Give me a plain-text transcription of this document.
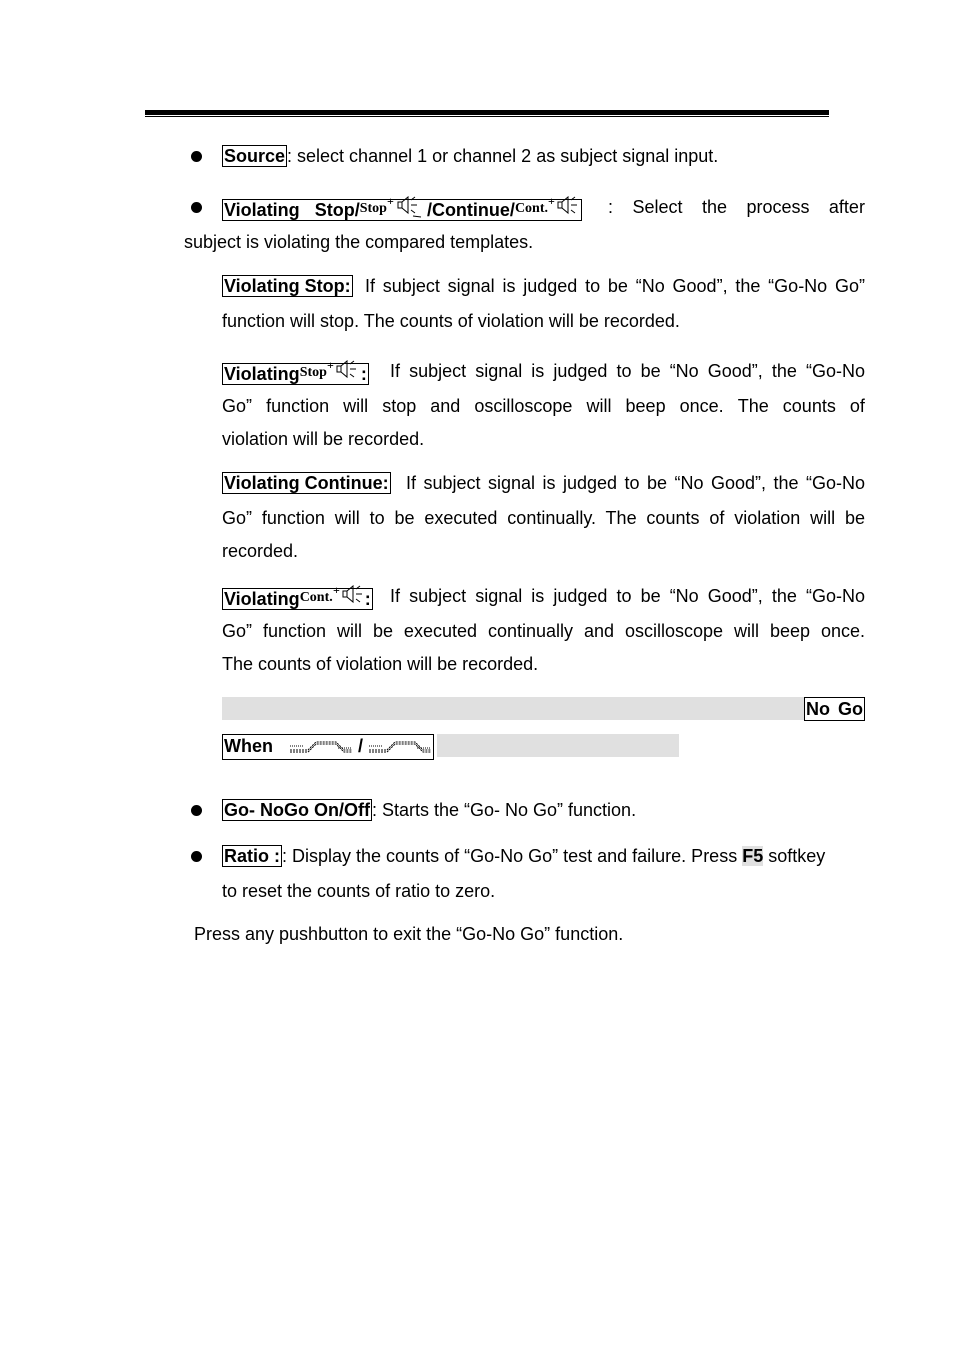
Source : select channel 1 or channel 2 as subject signal input.
Violating Stop/$^{Stop}$ + /Continue/$^{Cont.}$ +	: Select the process after
subject is violating the compared templates.
Violating Stop: If subject signal is judged to be “No Good”, the “Go-No Go”
function will stop. The counts of violation will be recorded.
Violating$^{Stop}$ + : If subject signal is judged to be “No Good”, the “Go-No
Go” function will stop and oscilloscope will beep once. The counts of
violation will be recorded.
Violating Continue: If subject signal is judged to be “No Good”, the “Go-No
Go” function will to be executed continually. The counts of violation will be
recorded.
Violating$^{Cont.}$ + : If subject signal is judged to be “No Good”, the “Go-No
Go” function will be executed continually and oscilloscope will beep once.
The counts of violation will be recorded.
No Go
When	/
Go- NoGo On/Off : Starts the “Go- No Go” function.
Ratio : : Display the counts of “Go-No Go” test and failure. Press F5 softkey
to reset the counts of ratio to zero.
Press any pushbutton to exit the “Go-No Go” function.
